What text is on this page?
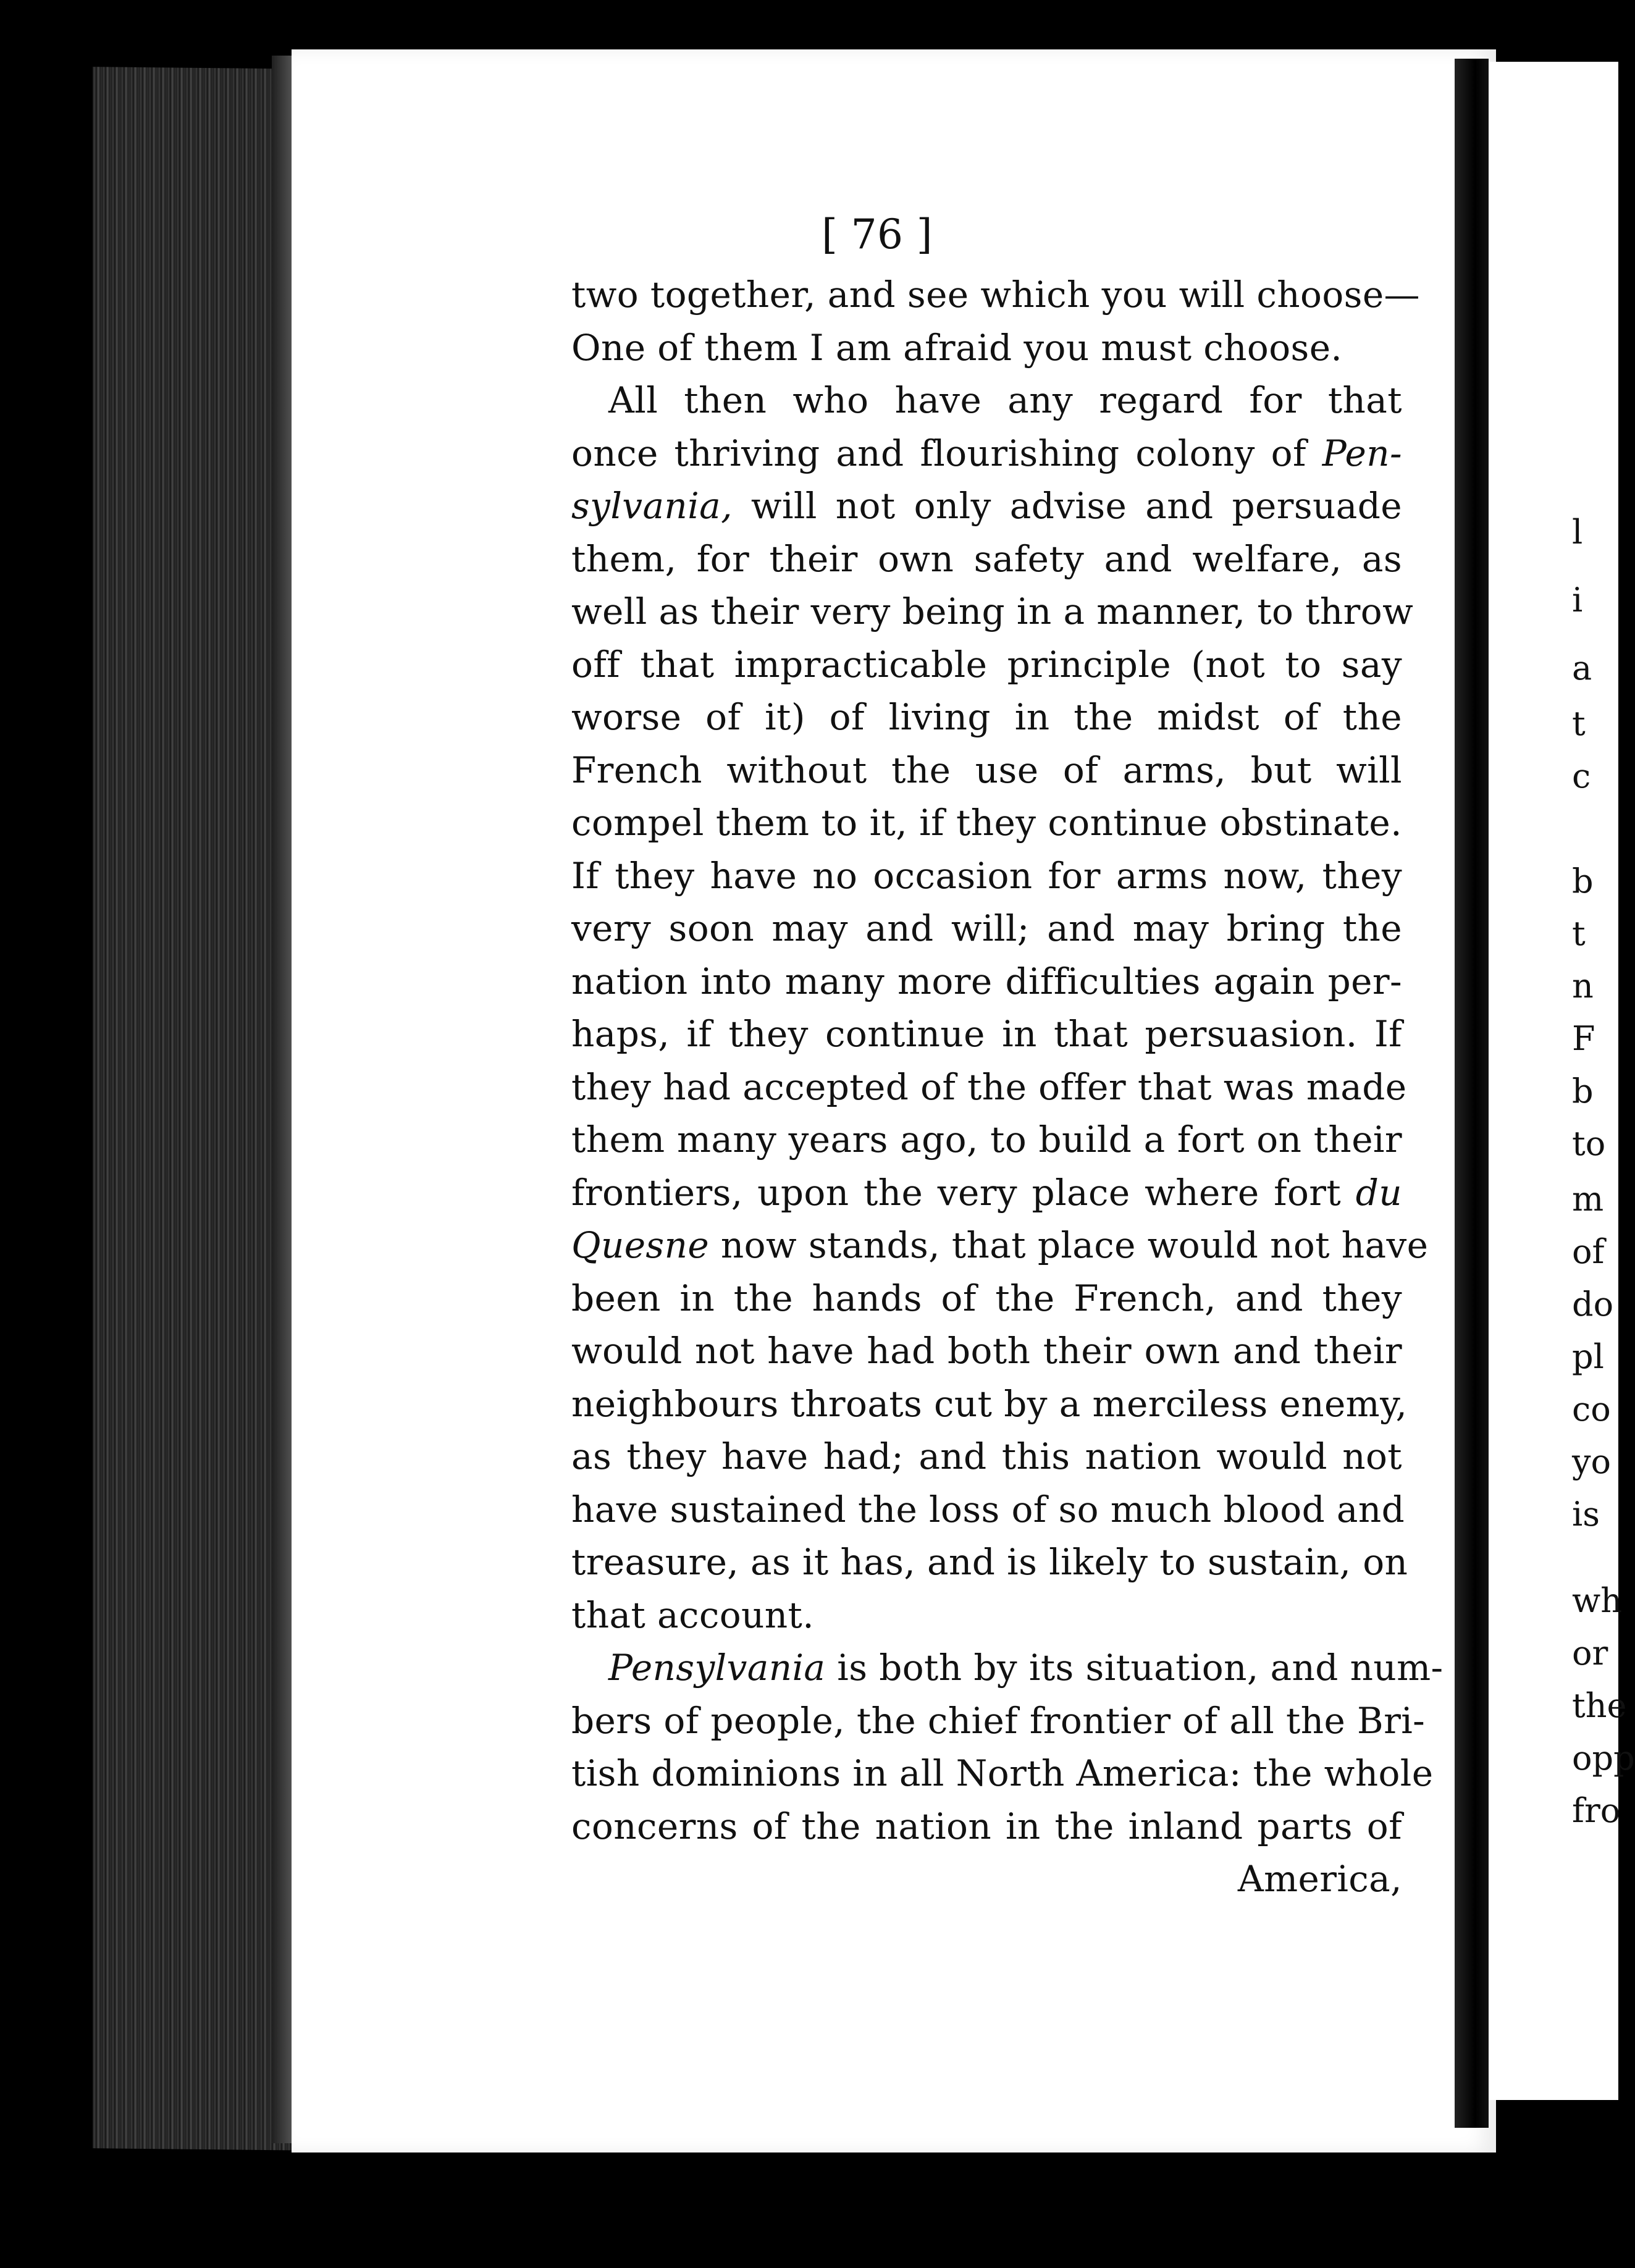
l
i
a
t
c
b
t
n
F
b
to
m
of
do
pl
co
yo
is
wh
or
the
opp
fro
[ 76 ]
two together, and see which you will choose—
One of them I am afraid you must choose.
All then who have any regard for that
once thriving and flourishing colony of Pen-
sylvania, will not only advise and persuade
them, for their own safety and welfare, as
well as their very being in a manner, to throw
off that impracticable principle (not to say
worse of it) of living in the midst of the
French without the use of arms, but will
compel them to it, if they continue obstinate.
If they have no occasion for arms now, they
very soon may and will; and may bring the
nation into many more difficulties again per-
haps, if they continue in that persuasion. If
they had accepted of the offer that was made
them many years ago, to build a fort on their
frontiers, upon the very place where fort du
Quesne now stands, that place would not have
been in the hands of the French, and they
would not have had both their own and their
neighbours throats cut by a merciless enemy,
as they have had; and this nation would not
have sustained the loss of so much blood and
treasure, as it has, and is likely to sustain, on
that account.
Pensylvania is both by its situation, and num-
bers of people, the chief frontier of all the Bri-
tish dominions in all North America: the whole
concerns of the nation in the inland parts of
America,
